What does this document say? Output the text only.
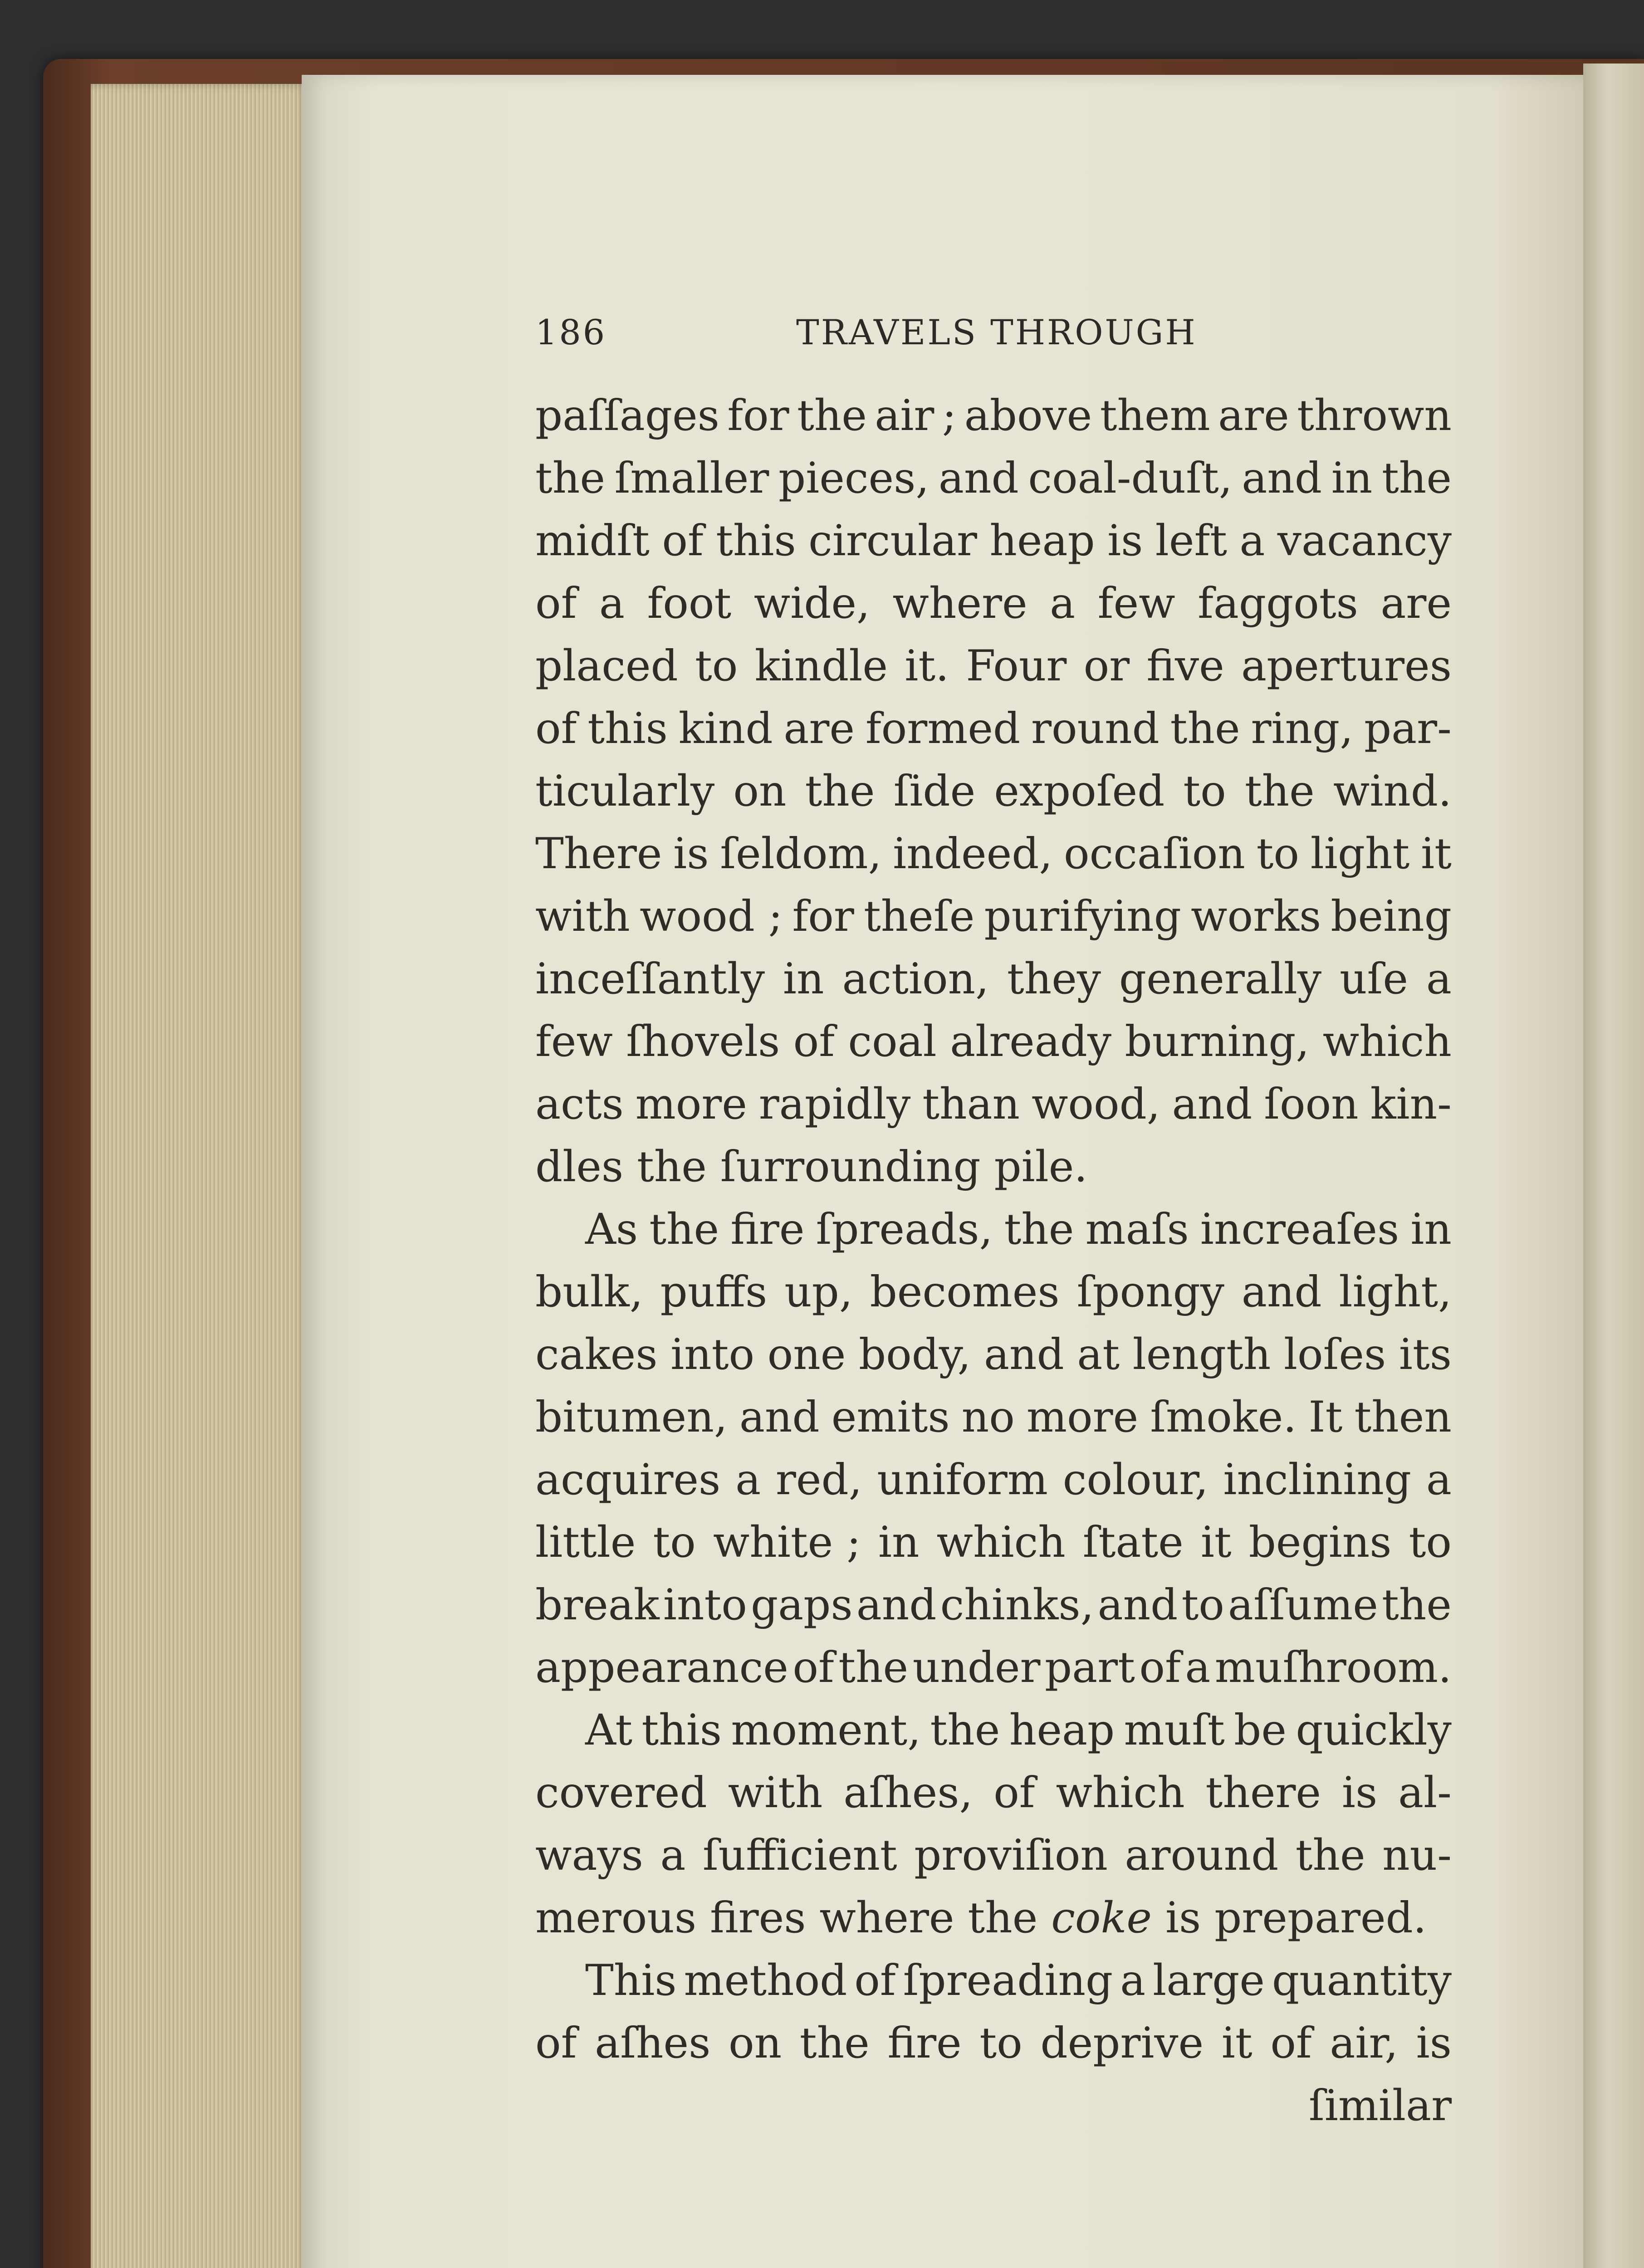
186	TRAVELS THROUGH
paſſages for the air ; above them are thrown
the ſmaller pieces, and coal-duſt, and in the
midſt of this circular heap is left a vacancy
of a foot wide, where a few faggots are
placed to kindle it. Four or five apertures
of this kind are formed round the ring, par-
ticularly on the ſide expoſed to the wind.
There is ſeldom, indeed, occaſion to light it
with wood ; for theſe purifying works being
inceſſantly in action, they generally uſe a
few ſhovels of coal already burning, which
acts more rapidly than wood, and ſoon kin-
dles the ſurrounding pile.
As the fire ſpreads, the maſs increaſes in
bulk, puffs up, becomes ſpongy and light,
cakes into one body, and at length loſes its
bitumen, and emits no more ſmoke. It then
acquires a red, uniform colour, inclining a
little to white ; in which ſtate it begins to
break into gaps and chinks, and to aſſume the
appearance of the under part of a muſhroom.
At this moment, the heap muſt be quickly
covered with aſhes, of which there is al-
ways a ſufficient proviſion around the nu-
merous fires where the coke is prepared.
This method of ſpreading a large quantity
of aſhes on the fire to deprive it of air, is
ſimilar
